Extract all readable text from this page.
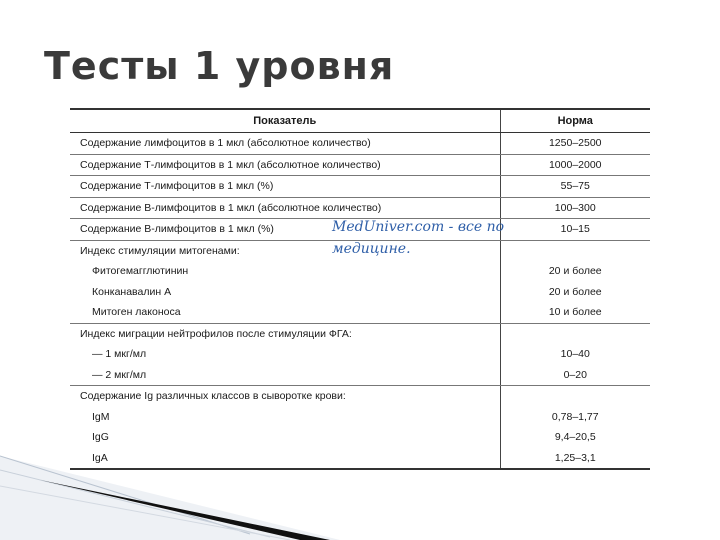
Тесты 1 уровня
Показатель	Норма
Содержание лимфоцитов в 1 мкл (абсолютное количество)	1250–2500
Содержание Т-лимфоцитов в 1 мкл (абсолютное количество)	1000–2000
Содержание Т-лимфоцитов в 1 мкл (%)	55–75
Содержание В-лимфоцитов в 1 мкл (абсолютное количество)	100–300
Содержание В-лимфоцитов в 1 мкл (%)	10–15
Индекс стимуляции митогенами:	
Фитогемагглютинин	20 и более
Конканавалин А	20 и более
Митоген лаконоса	10 и более
Индекс миграции нейтрофилов после стимуляции ФГА:	
— 1 мкг/мл	10–40
— 2 мкг/мл	0–20
Содержание Ig различных классов в сыворотке крови:	
IgM	0,78–1,77
IgG	9,4–20,5
IgA	1,25–3,1
MedUniver.com - все по
медицине.
